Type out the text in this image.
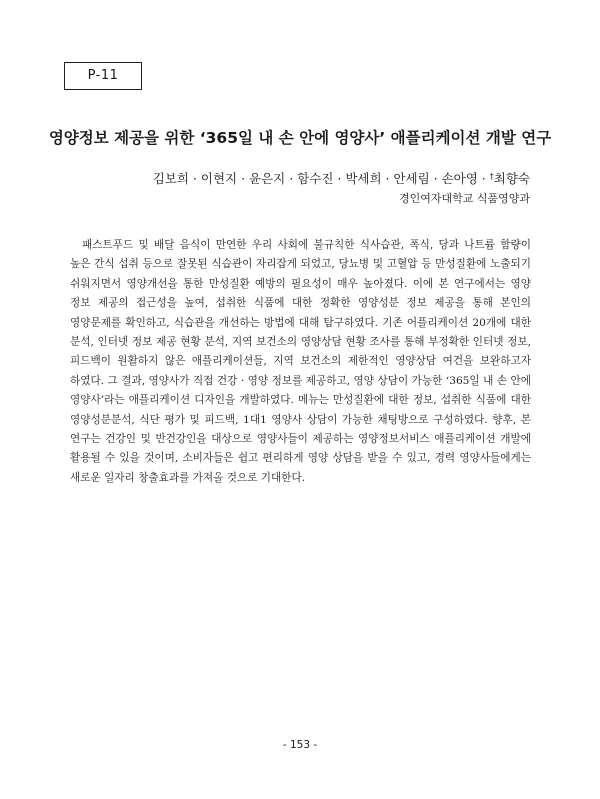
P-11
영양정보 제공을 위한 ‘365일 내 손 안에 영양사’ 애플리케이션 개발 연구
김보희 · 이현지 · 윤은지 · 함수진 · 박세희 · 안세림 · 손아영 · †최향숙
경인여자대학교 식품영양과
패스트푸드 및 배달 음식이 만연한 우리 사회에 불규칙한 식사습관, 폭식, 당과 나트륨 함량이 높은 간식 섭취 등으로 잘못된 식습관이 자리잡게 되었고, 당뇨병 및 고혈압 등 만성질환에 노출되기 쉬워지면서 영양개선을 통한 만성질환 예방의 필요성이 매우 높아졌다. 이에 본 연구에서는 영양 정보 제공의 접근성을 높여, 섭취한 식품에 대한 정확한 영양성분 정보 제공을 통해 본인의 영양문제를 확인하고, 식습관을 개선하는 방법에 대해 탐구하였다. 기존 어플리케이션 20개에 대한 분석, 인터넷 정보 제공 현황 분석, 지역 보건소의 영양상담 현황 조사를 통해 부정확한 인터넷 정보, 피드백이 원활하지 않은 애플리케이션들, 지역 보건소의 제한적인 영양상담 여건을 보완하고자 하였다. 그 결과, 영양사가 직접 건강 · 영양 정보를 제공하고, 영양 상담이 가능한 ‘365일 내 손 안에 영양사’라는 애플리케이션 디자인을 개발하였다. 메뉴는 만성질환에 대한 정보, 섭취한 식품에 대한 영양성분분석, 식단 평가 및 피드백, 1대1 영양사 상담이 가능한 채팅방으로 구성하였다. 향후, 본 연구는 건강인 및 반건강인을 대상으로 영양사들이 제공하는 영양정보서비스 애플리케이션 개발에 활용될 수 있을 것이며, 소비자들은 쉽고 편리하게 영양 상담을 받을 수 있고, 경력 영양사들에게는 새로운 일자리 창출효과를 가져올 것으로 기대한다.
- 153 -
